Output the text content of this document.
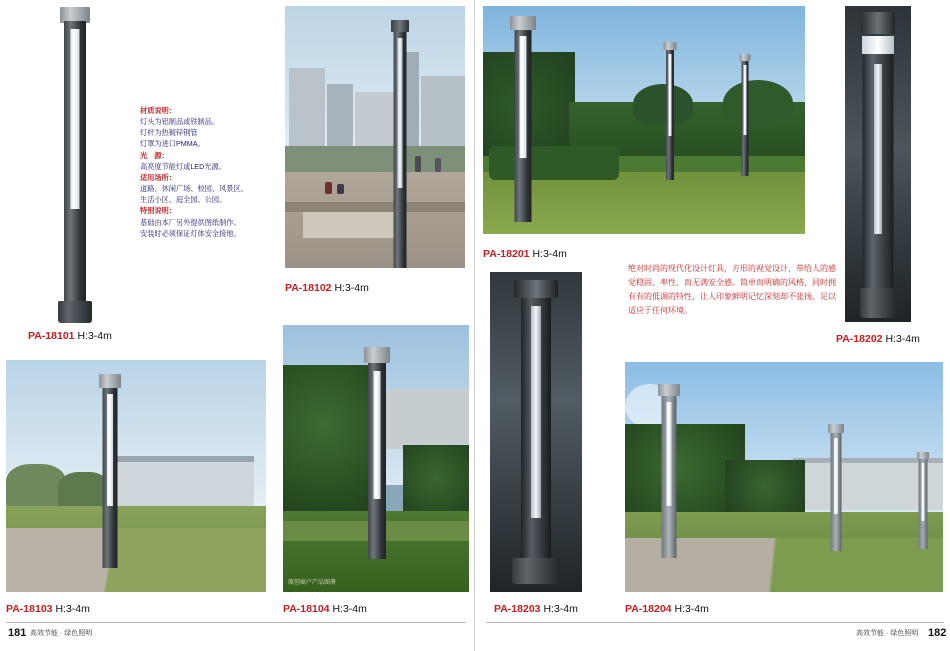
PA-18101 H:3-4m
材质说明：
灯头为铝制品或铁制品。
灯杆为热镀锌钢管
灯罩为进口PMMA。
光　源：
高亮度节能灯或LED光源。
适用场所：
道路、休闲广场、校园、风景区。
生活小区、庭全园、公园。
特别说明：
基础由本厂另外提供图纸制作。
安装时必须保证灯体安全接地。
PA-18102 H:3-4m
PA-18201 H:3-4m
PA-18202 H:3-4m
绝对时尚的现代化设计灯具，方形的视觉设计，带给人的感觉稳固、率性、而无满安全感。简单而明确的风格，同时拥有有的低调的特性，让人印象鲜明记忆深刻却不张扬。足以适应于任何环境。
PA-18103 H:3-4m
原创商户产品图册
PA-18104 H:3-4m	PA-18203 H:3-4m	PA-18204 H:3-4m
181 高效节能 · 绿色照明	182
高效节能 · 绿色照明
